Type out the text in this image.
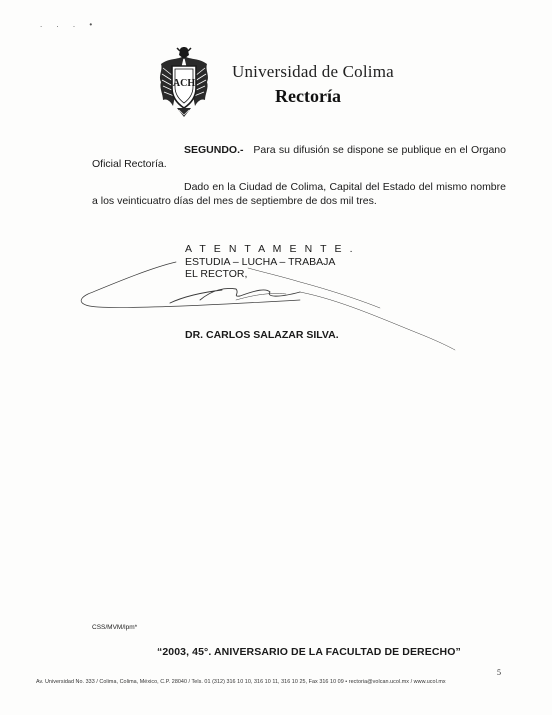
. . . •
ACH
Universidad de Colima
Rectoría
SEGUNDO.- Para su difusión se dispone se publique en el Organo Oficial Rectoría.
Dado en la Ciudad de Colima, Capital del Estado del mismo nombre a los veinticuatro días del mes de septiembre de dos mil tres.
A T E N T A M E N T E .
ESTUDIA – LUCHA – TRABAJA
EL RECTOR,
DR. CARLOS SALAZAR SILVA.
CSS/MVM/lpm*
“2003, 45°. ANIVERSARIO DE LA FACULTAD DE DERECHO”
5
Av. Universidad No. 333 / Colima, Colima, México, C.P. 28040 / Tels. 01 (312) 316 10 10, 316 10 11, 316 10 25, Fax 316 10 09 • rectoria@volcan.ucol.mx / www.ucol.mx
